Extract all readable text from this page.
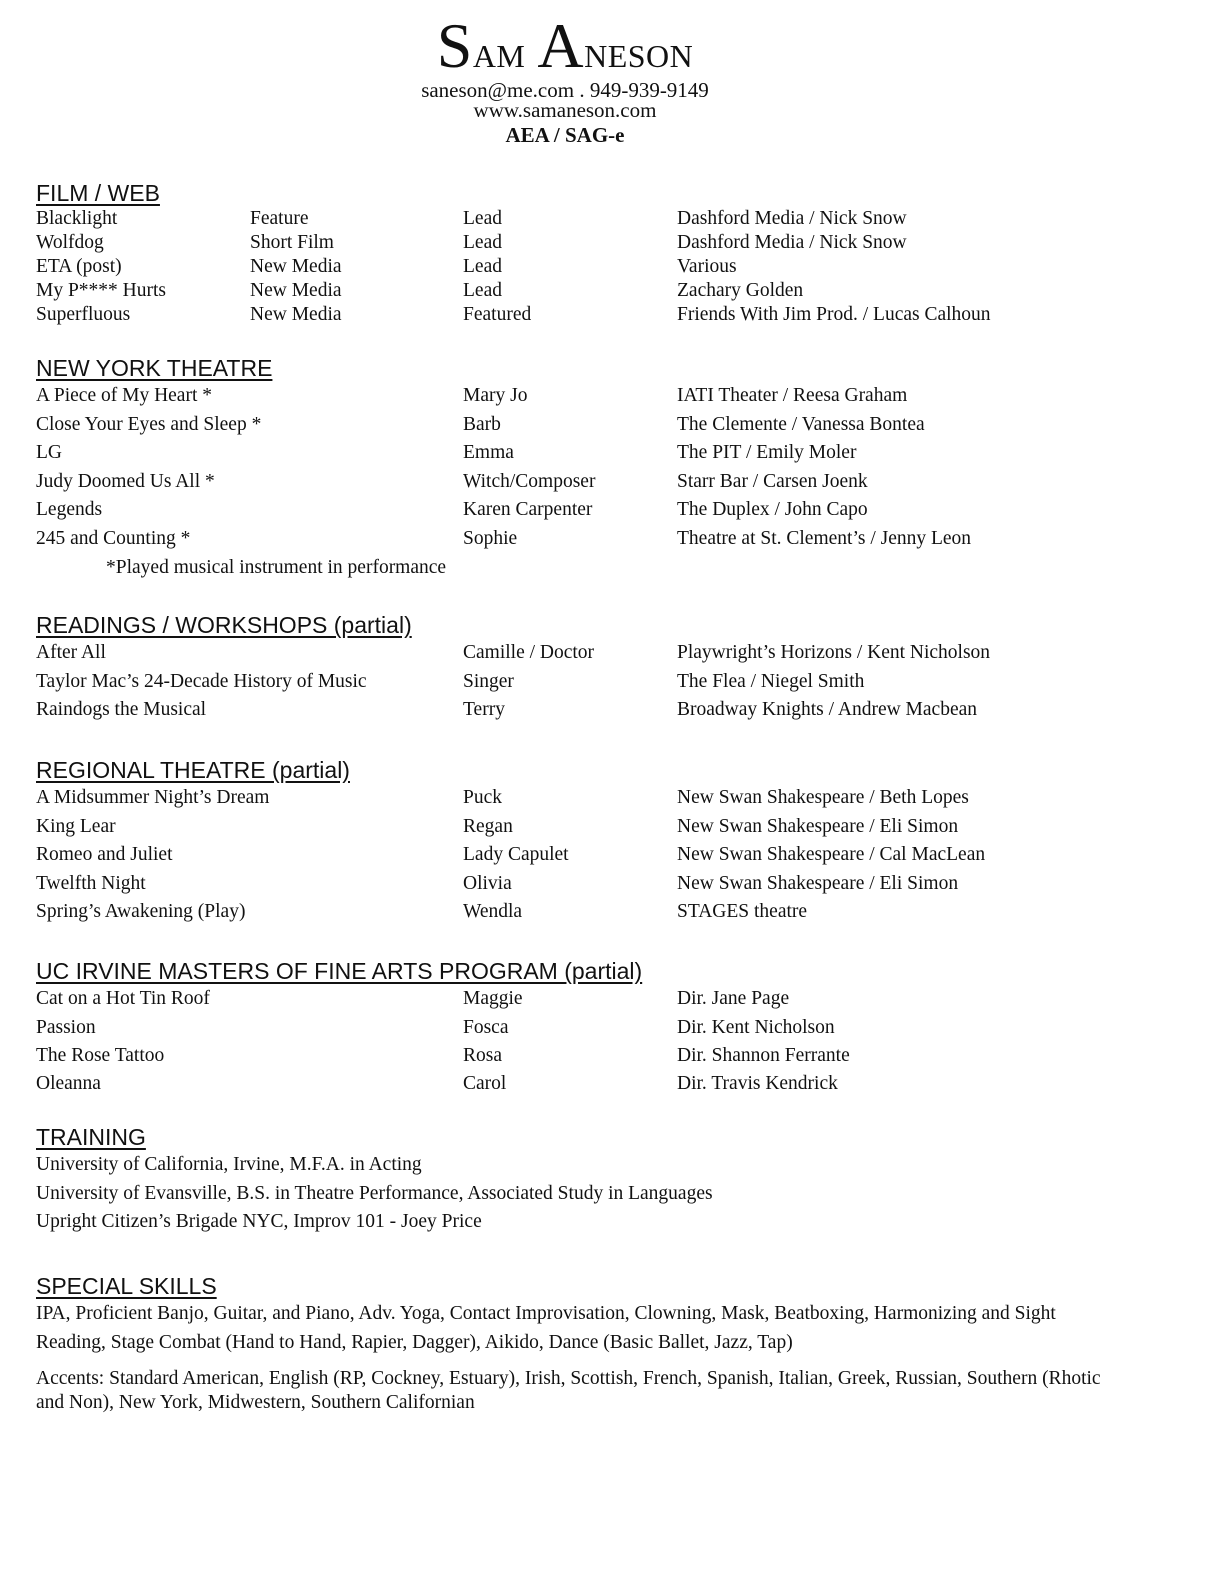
Sam Aneson
saneson@me.com . 949-939-9149
www.samaneson.com
AEA / SAG-e
FILM / WEB
Blacklight	Feature	Lead	Dashford Media / Nick Snow
Wolfdog	Short Film	Lead	Dashford Media / Nick Snow
ETA (post)	New Media	Lead	Various
My P**** Hurts	New Media	Lead	Zachary Golden
Superfluous	New Media	Featured	Friends With Jim Prod. / Lucas Calhoun
NEW YORK THEATRE
A Piece of My Heart *	Mary Jo	IATI Theater / Reesa Graham
Close Your Eyes and Sleep *	Barb	The Clemente / Vanessa Bontea
LG	Emma	The PIT / Emily Moler
Judy Doomed Us All *	Witch/Composer	Starr Bar / Carsen Joenk
Legends	Karen Carpenter	The Duplex / John Capo
245 and Counting *	Sophie	Theatre at St. Clement’s / Jenny Leon
*Played musical instrument in performance
READINGS / WORKSHOPS (partial)
After All	Camille / Doctor	Playwright’s Horizons / Kent Nicholson
Taylor Mac’s 24-Decade History of Music	Singer	The Flea / Niegel Smith
Raindogs the Musical	Terry	Broadway Knights / Andrew Macbean
REGIONAL THEATRE (partial)
A Midsummer Night’s Dream	Puck	New Swan Shakespeare / Beth Lopes
King Lear	Regan	New Swan Shakespeare / Eli Simon
Romeo and Juliet	Lady Capulet	New Swan Shakespeare / Cal MacLean
Twelfth Night	Olivia	New Swan Shakespeare / Eli Simon
Spring’s Awakening (Play)	Wendla	STAGES theatre
UC IRVINE MASTERS OF FINE ARTS PROGRAM (partial)
Cat on a Hot Tin Roof	Maggie	Dir. Jane Page
Passion	Fosca	Dir. Kent Nicholson
The Rose Tattoo	Rosa	Dir. Shannon Ferrante
Oleanna	Carol	Dir. Travis Kendrick
TRAINING
University of California, Irvine, M.F.A. in Acting
University of Evansville, B.S. in Theatre Performance, Associated Study in Languages
Upright Citizen’s Brigade NYC, Improv 101 - Joey Price
SPECIAL SKILLS
IPA, Proficient Banjo, Guitar, and Piano, Adv. Yoga, Contact Improvisation, Clowning, Mask, Beatboxing, Harmonizing and Sight Reading, Stage Combat (Hand to Hand, Rapier, Dagger), Aikido, Dance (Basic Ballet, Jazz, Tap)
Accents: Standard American, English (RP, Cockney, Estuary), Irish, Scottish, French, Spanish, Italian, Greek, Russian, Southern (Rhotic and Non), New York, Midwestern, Southern Californian
